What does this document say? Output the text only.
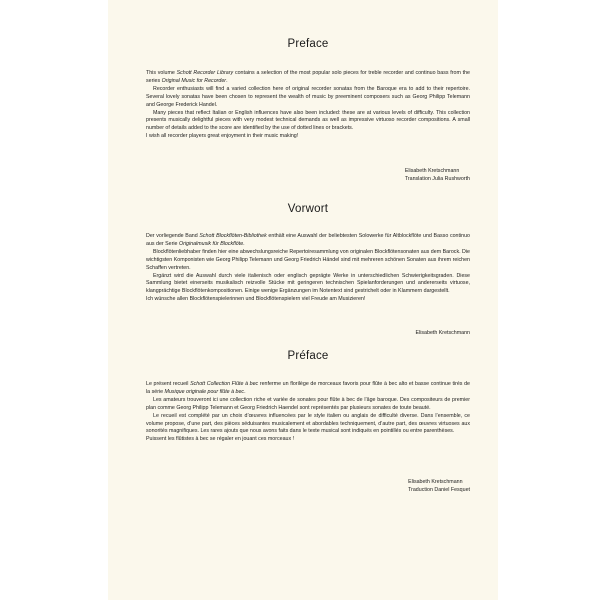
Preface

This volume Schott Recorder Library contains a selection of the most popular solo pieces for treble recorder and continuo bass from the series Original Music for Recorder.

Recorder enthusiasts will find a varied collection here of original recorder sonatas from the Baroque era to add to their repertoire. Several lovely sonatas have been chosen to represent the wealth of music by preeminent composers such as Georg Philipp Telemann and George Frederick Handel.

Many pieces that reflect Italian or English influences have also been included: these are at various levels of difficulty. This collection presents musically delightful pieces with very modest technical demands as well as impressive virtuoso recorder compositions. A small number of details added to the score are identified by the use of dotted lines or brackets.

I wish all recorder players great enjoyment in their music making!

Elisabeth Kretschmann
Translation Julia Rushworth
Vorwort

Der vorliegende Band Schott Blockflöten-Bibliothek enthält eine Auswahl der beliebtesten Solowerke für Altblockflöte und Basso continuo aus der Serie Originalmusik für Blockflöte.

Blockflötenliebhaber finden hier eine abwechslungsreiche Repertoiresammlung von originalen Blockflötensonaten aus dem Barock. Die wichtigsten Komponisten wie Georg Philipp Telemann und Georg Friedrich Händel sind mit mehreren schönen Sonaten aus ihrem reichen Schaffen vertreten.

Ergänzt wird die Auswahl durch viele italienisch oder englisch geprägte Werke in unterschiedlichen Schwierigkeitsgraden. Diese Sammlung bietet einerseits musikalisch reizvolle Stücke mit geringeren technischen Spielanforderungen und andererseits virtuose, klangprächtige Blockflötenkompositionen. Einige wenige Ergänzungen im Notentext sind gestrichelt oder in Klammern dargestellt.

Ich wünsche allen Blockflötenspielerinnen und Blockflötenspielern viel Freude am Musizieren!

Elisabeth Kretschmann
Préface

Le présent recueil Schott Collection Flûte à bec renferme un florilège de morceaux favoris pour flûte à bec alto et basse continue tirés de la série Musique originale pour flûte à bec.

Les amateurs trouveront ici une collection riche et variée de sonates pour flûte à bec de l’âge baroque. Des compositeurs de premier plan comme Georg Philipp Telemann et Georg Friedrich Haendel sont représentés par plusieurs sonates de toute beauté.

Le recueil est complété par un choix d’œuvres influencées par le style italien ou anglais de difficulté diverse. Dans l’ensemble, ce volume propose, d’une part, des pièces séduisantes musicalement et abordables techniquement, d’autre part, des œuvres virtuoses aux sonorités magnifiques. Les rares ajouts que nous avons faits dans le texte musical sont indiqués en pointillés ou entre parenthèses.

Puissent les flûtistes à bec se régaler en jouant ces morceaux !

Elisabeth Kretschmann
Traduction Daniel Fesquet
